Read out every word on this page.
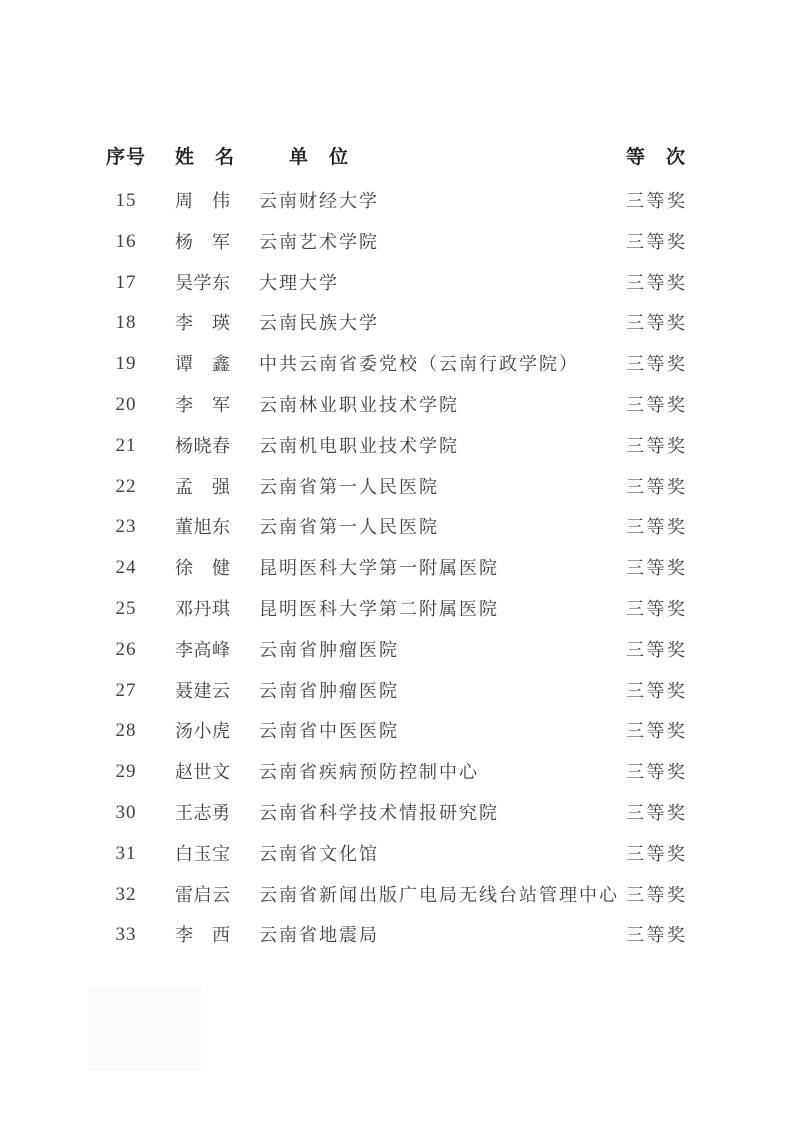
序号 姓　名	单　位	等　次
15	周　伟 云南财经大学	三等奖
16	杨　军 云南艺术学院	三等奖
17	吴学东 大理大学	三等奖
18	李　瑛 云南民族大学	三等奖
19	谭　鑫 中共云南省委党校（云南行政学院）	三等奖
20	李　军 云南林业职业技术学院	三等奖
21	杨晓春 云南机电职业技术学院	三等奖
22	孟　强 云南省第一人民医院	三等奖
23	董旭东 云南省第一人民医院	三等奖
24	徐　健 昆明医科大学第一附属医院	三等奖
25	邓丹琪 昆明医科大学第二附属医院	三等奖
26	李高峰 云南省肿瘤医院	三等奖
27	聂建云 云南省肿瘤医院	三等奖
28	汤小虎 云南省中医医院	三等奖
29	赵世文 云南省疾病预防控制中心	三等奖
30	王志勇 云南省科学技术情报研究院	三等奖
31	白玉宝 云南省文化馆	三等奖
32	雷启云 云南省新闻出版广电局无线台站管理中心 三等奖
33	李　西 云南省地震局	三等奖
